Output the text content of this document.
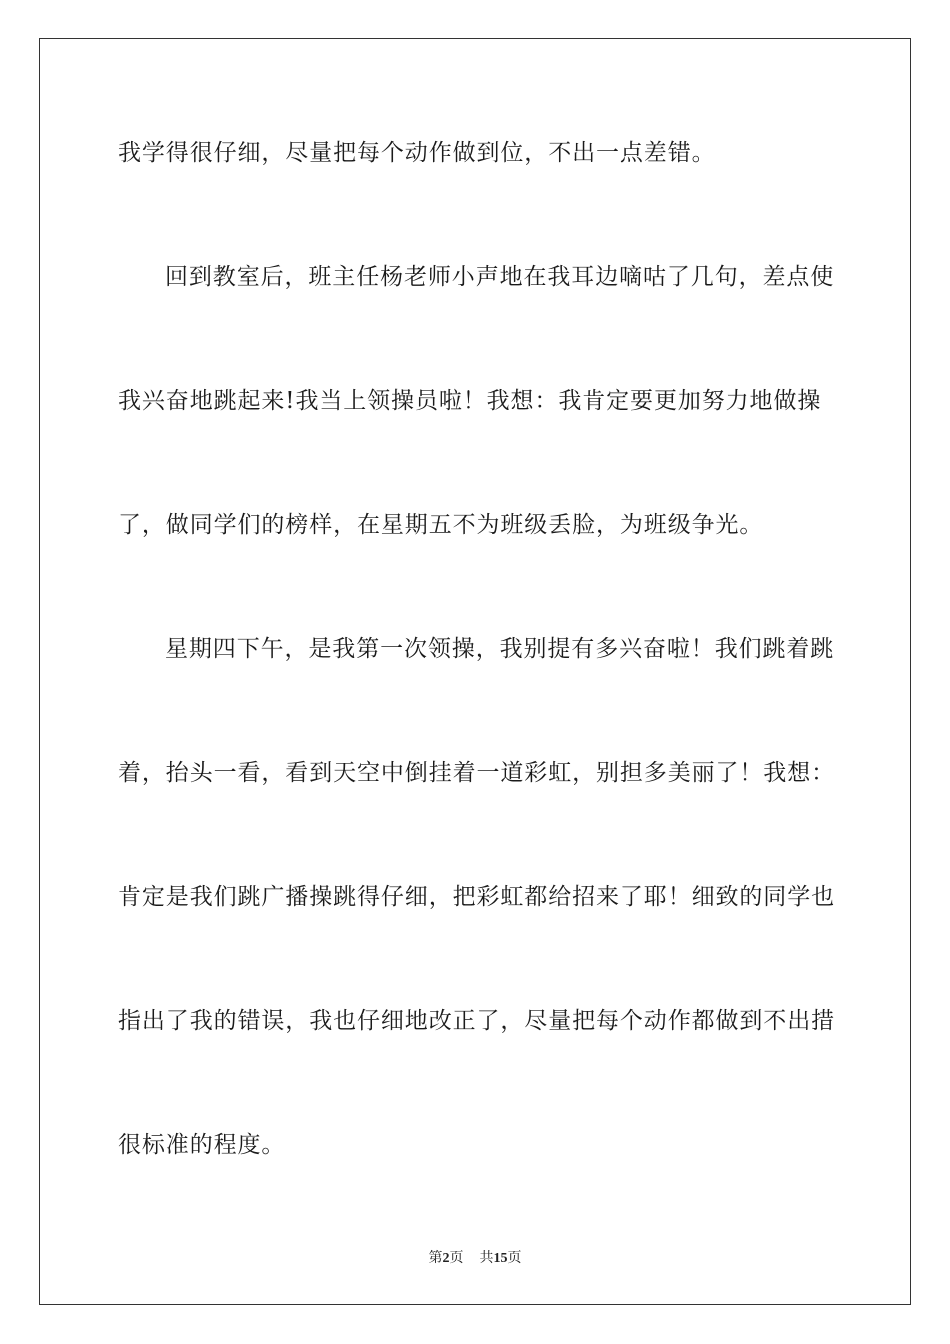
我学得很仔细，尽量把每个动作做到位，不出一点差错。
回到教室后，班主任杨老师小声地在我耳边嘀咕了几句，差点使
我兴奋地跳起来!我当上领操员啦！我想：我肯定要更加努力地做操
了，做同学们的榜样，在星期五不为班级丢脸，为班级争光。
星期四下午，是我第一次领操，我别提有多兴奋啦！我们跳着跳
着，抬头一看，看到天空中倒挂着一道彩虹，别担多美丽了！我想：
肯定是我们跳广播操跳得仔细，把彩虹都给招来了耶！细致的同学也
指出了我的错误，我也仔细地改正了，尽量把每个动作都做到不出措
很标准的程度。
第2页 共15页
